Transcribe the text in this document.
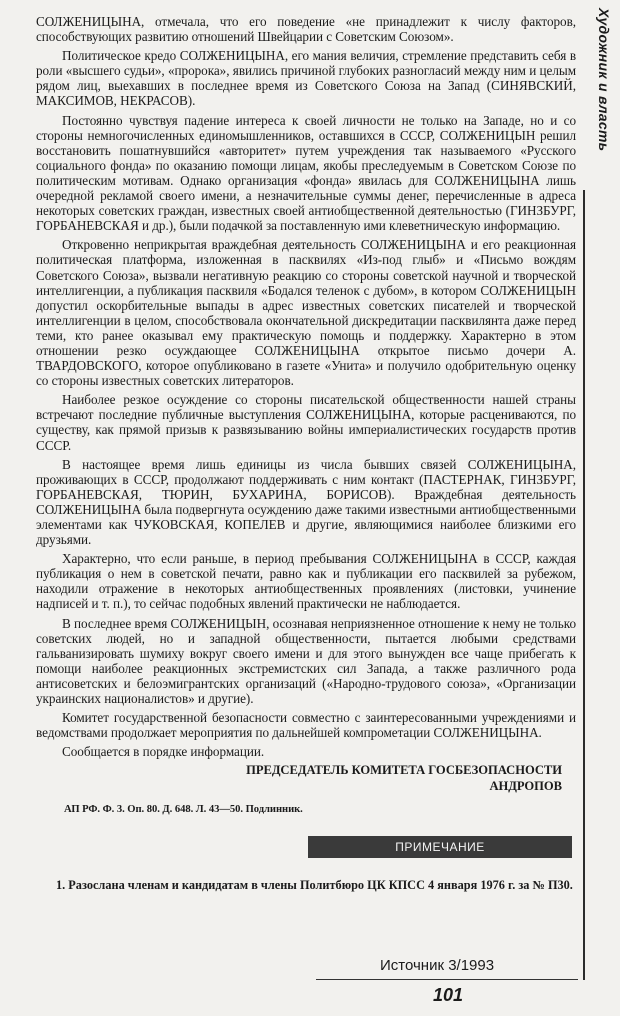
Художник и власть

СОЛЖЕНИЦЫНА, отмечала, что его поведение «не принадлежит к числу факторов, способствующих развитию отношений Швейцарии с Советским Союзом».

Политическое кредо СОЛЖЕНИЦЫНА, его мания величия, стремление представить себя в роли «высшего судьи», «пророка», явились причиной глубоких разногласий между ним и целым рядом лиц, выехавших в последнее время из Советского Союза на Запад (СИНЯВСКИЙ, МАКСИМОВ, НЕКРАСОВ).

Постоянно чувствуя падение интереса к своей личности не только на Западе, но и со стороны немногочисленных единомышленников, оставшихся в СССР, СОЛЖЕНИЦЫН решил восстановить пошатнувшийся «авторитет» путем учреждения так называемого «Русского социального фонда» по оказанию помощи лицам, якобы преследуемым в Советском Союзе по политическим мотивам. Однако организация «фонда» явилась для СОЛЖЕНИЦЫНА лишь очередной рекламой своего имени, а незначительные суммы денег, перечисленные в адреса некоторых советских граждан, известных своей антиобщественной деятельностью (ГИНЗБУРГ, ГОРБАНЕВСКАЯ и др.), были подачкой за поставленную ими клеветническую информацию.

Откровенно неприкрытая враждебная деятельность СОЛЖЕНИЦЫНА и его реакционная политическая платформа, изложенная в пасквилях «Из-под глыб» и «Письмо вождям Советского Союза», вызвали негативную реакцию со стороны советской научной и творческой интеллигенции, а публикация пасквиля «Бодался теленок с дубом», в котором СОЛЖЕНИЦЫН допустил оскорбительные выпады в адрес известных советских писателей и творческой интеллигенции в целом, способствовала окончательной дискредитации пасквилянта даже перед теми, кто ранее оказывал ему практическую помощь и поддержку. Характерно в этом отношении резко осуждающее СОЛЖЕНИЦЫНА открытое письмо дочери А. ТВАРДОВСКОГО, которое опубликовано в газете «Унита» и получило одобрительную оценку со стороны известных советских литераторов.

Наиболее резкое осуждение со стороны писательской общественности нашей страны встречают последние публичные выступления СОЛЖЕНИЦЫНА, которые расцениваются, по существу, как прямой призыв к развязыванию войны империалистических государств против СССР.

В настоящее время лишь единицы из числа бывших связей СОЛЖЕНИЦЫНА, проживающих в СССР, продолжают поддерживать с ним контакт (ПАСТЕРНАК, ГИНЗБУРГ, ГОРБАНЕВСКАЯ, ТЮРИН, БУХАРИНА, БОРИСОВ). Враждебная деятельность СОЛЖЕНИЦЫНА была подвергнута осуждению даже такими известными антиобщественными элементами как ЧУКОВСКАЯ, КОПЕЛЕВ и другие, являющимися наиболее близкими его друзьями.

Характерно, что если раньше, в период пребывания СОЛЖЕНИЦЫНА в СССР, каждая публикация о нем в советской печати, равно как и публикации его пасквилей за рубежом, находили отражение в некоторых антиобщественных проявлениях (листовки, учинение надписей и т. п.), то сейчас подобных явлений практически не наблюдается.

В последнее время СОЛЖЕНИЦЫН, осознавая неприязненное отношение к нему не только советских людей, но и западной общественности, пытается любыми средствами гальванизировать шумиху вокруг своего имени и для этого вынужден все чаще прибегать к помощи наиболее реакционных экстремистских сил Запада, а также различного рода антисоветских и белоэмигрантских организаций («Народно-трудового союза», «Организации украинских националистов» и другие).

Комитет государственной безопасности совместно с заинтересованными учреждениями и ведомствами продолжает мероприятия по дальнейшей компрометации СОЛЖЕНИЦЫНА.

Сообщается в порядке информации.

ПРЕДСЕДАТЕЛЬ КОМИТЕТА ГОСБЕЗОПАСНОСТИ
АНДРОПОВ
АП РФ. Ф. 3. Оп. 80. Д. 648. Л. 43—50. Подлинник.
ПРИМЕЧАНИЕ
1. Разослана членам и кандидатам в члены Политбюро ЦК КПСС 4 января 1976 г. за № П30.
Источник 3/1993
101
